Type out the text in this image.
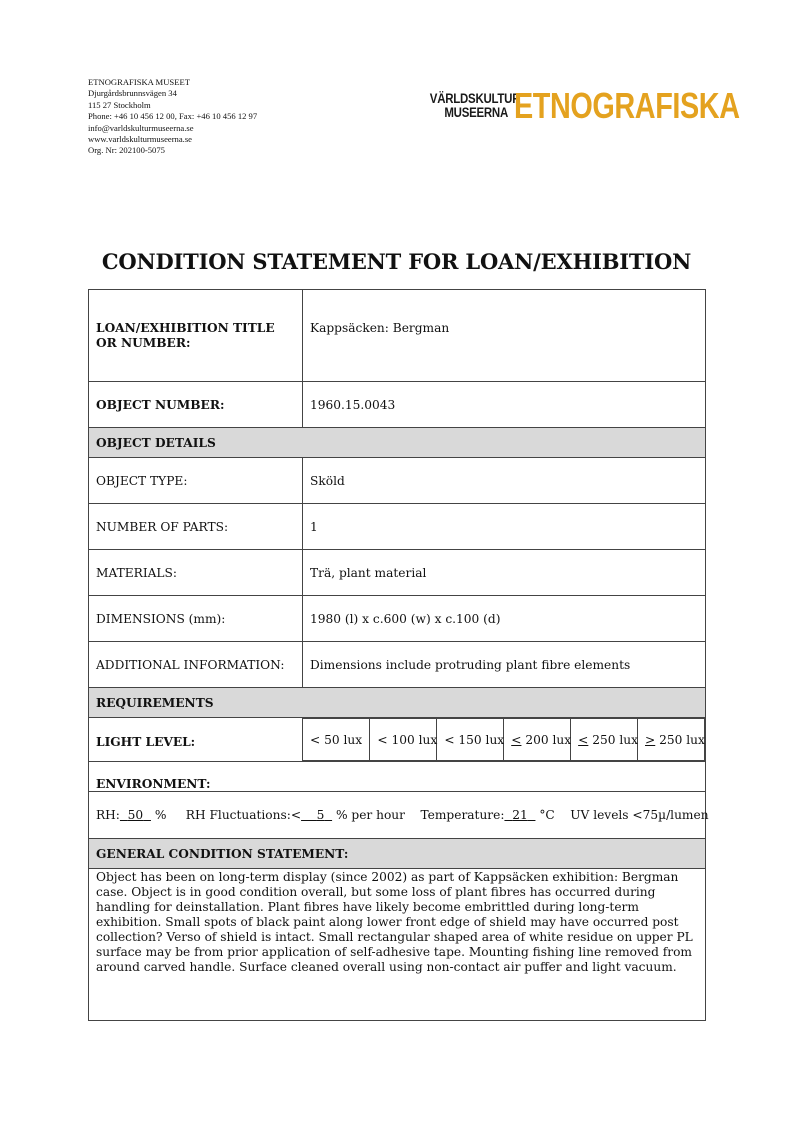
ETNOGRAFISKA MUSEET
Djurgårdsbrunnsvägen 34
115 27 Stockholm
Phone: +46 10 456 12 00, Fax: +46 10 456 12 97
info@varldskulturmuseerna.se
www.varldskulturmuseerna.se
Org. Nr: 202100-5075
VÄRLDSKULTUR
MUSEERNA ETNOGRAFISKA
CONDITION STATEMENT FOR LOAN/EXHIBITION
LOAN/EXHIBITION TITLE OR NUMBER:	Kappsäcken: Bergman
OBJECT NUMBER:	1960.15.0043
OBJECT DETAILS
OBJECT TYPE:	Sköld
NUMBER OF PARTS:	1
MATERIALS:	Trä, plant material
DIMENSIONS (mm):	1980 (l) x c.600 (w) x c.100 (d)
ADDITIONAL INFORMATION:	Dimensions include protruding plant fibre elements
REQUIREMENTS
LIGHT LEVEL:		< 50 lux	< 100 lux	< 150 lux	< 200 lux	< 250 lux	> 250 lux

ENVIRONMENT:
RH: 50 % RH Fluctuations:< 5 % per hour Temperature: 21 °C UV levels <75µ/lumen
GENERAL CONDITION STATEMENT:
Object has been on long-term display (since 2002) as part of Kappsäcken exhibition: Bergman case. Object is in good condition overall, but some loss of plant fibres has occurred during handling for deinstallation. Plant fibres have likely become embrittled during long-term exhibition. Small spots of black paint along lower front edge of shield may have occurred post collection? Verso of shield is intact. Small rectangular shaped area of white residue on upper PL surface may be from prior application of self-adhesive tape. Mounting fishing line removed from around carved handle. Surface cleaned overall using non-contact air puffer and light vacuum.
